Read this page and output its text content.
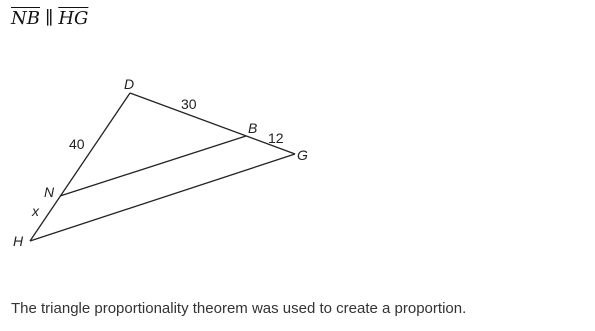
$\overline{NB}$ ∥ $\overline{HG}$
D
B
G
N
H
30
12
40
x
The triangle proportionality theorem was used to create a proportion.
